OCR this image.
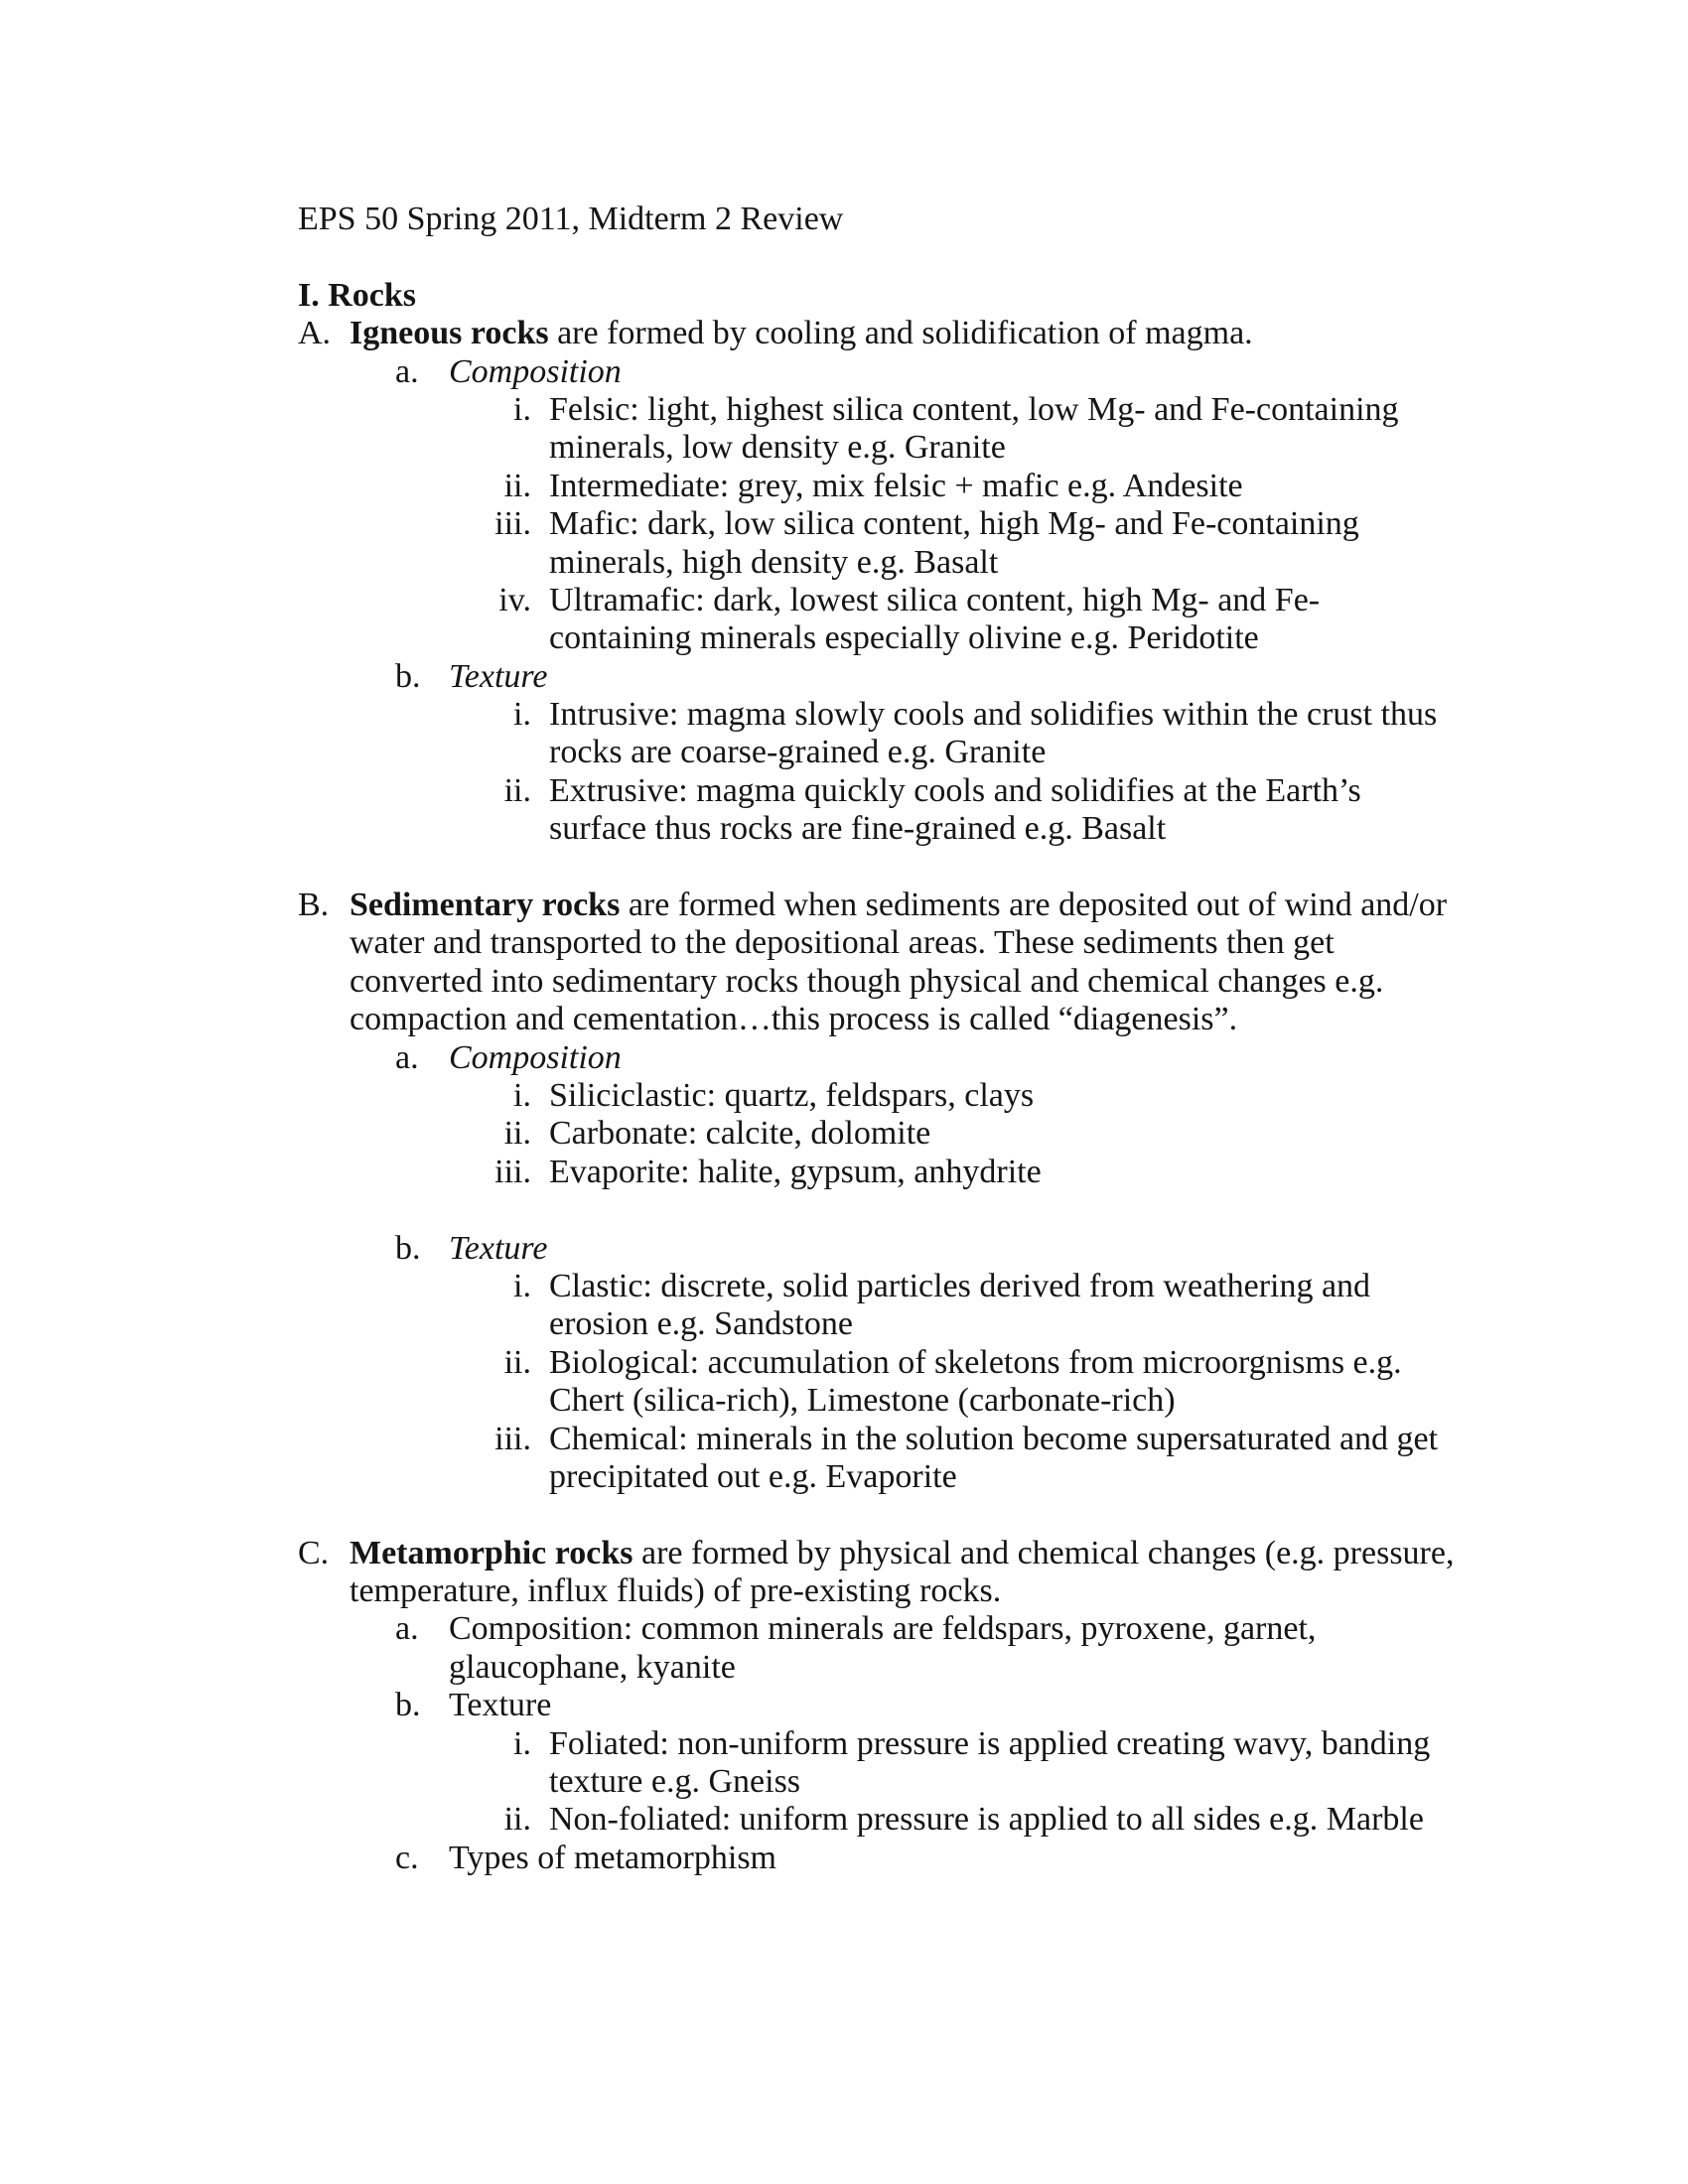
EPS 50 Spring 2011, Midterm 2 Review
I. Rocks
A. Igneous rocks are formed by cooling and solidification of magma.
a. Composition
i. Felsic: light, highest silica content, low Mg- and Fe-containing
minerals, low density e.g. Granite
ii. Intermediate: grey, mix felsic + mafic e.g. Andesite
iii. Mafic: dark, low silica content, high Mg- and Fe-containing
minerals, high density e.g. Basalt
iv. Ultramafic: dark, lowest silica content, high Mg- and Fe-
containing minerals especially olivine e.g. Peridotite
b. Texture
i. Intrusive: magma slowly cools and solidifies within the crust thus
rocks are coarse-grained e.g. Granite
ii. Extrusive: magma quickly cools and solidifies at the Earth’s
surface thus rocks are fine-grained e.g. Basalt
B. Sedimentary rocks are formed when sediments are deposited out of wind and/or
water and transported to the depositional areas. These sediments then get
converted into sedimentary rocks though physical and chemical changes e.g.
compaction and cementation…this process is called “diagenesis”.
a. Composition
i. Siliciclastic: quartz, feldspars, clays
ii. Carbonate: calcite, dolomite
iii. Evaporite: halite, gypsum, anhydrite
b. Texture
i. Clastic: discrete, solid particles derived from weathering and
erosion e.g. Sandstone
ii. Biological: accumulation of skeletons from microorgnisms e.g.
Chert (silica-rich), Limestone (carbonate-rich)
iii. Chemical: minerals in the solution become supersaturated and get
precipitated out e.g. Evaporite
C. Metamorphic rocks are formed by physical and chemical changes (e.g. pressure,
temperature, influx fluids) of pre-existing rocks.
a. Composition: common minerals are feldspars, pyroxene, garnet,
glaucophane, kyanite
b. Texture
i. Foliated: non-uniform pressure is applied creating wavy, banding
texture e.g. Gneiss
ii. Non-foliated: uniform pressure is applied to all sides e.g. Marble
c. Types of metamorphism
